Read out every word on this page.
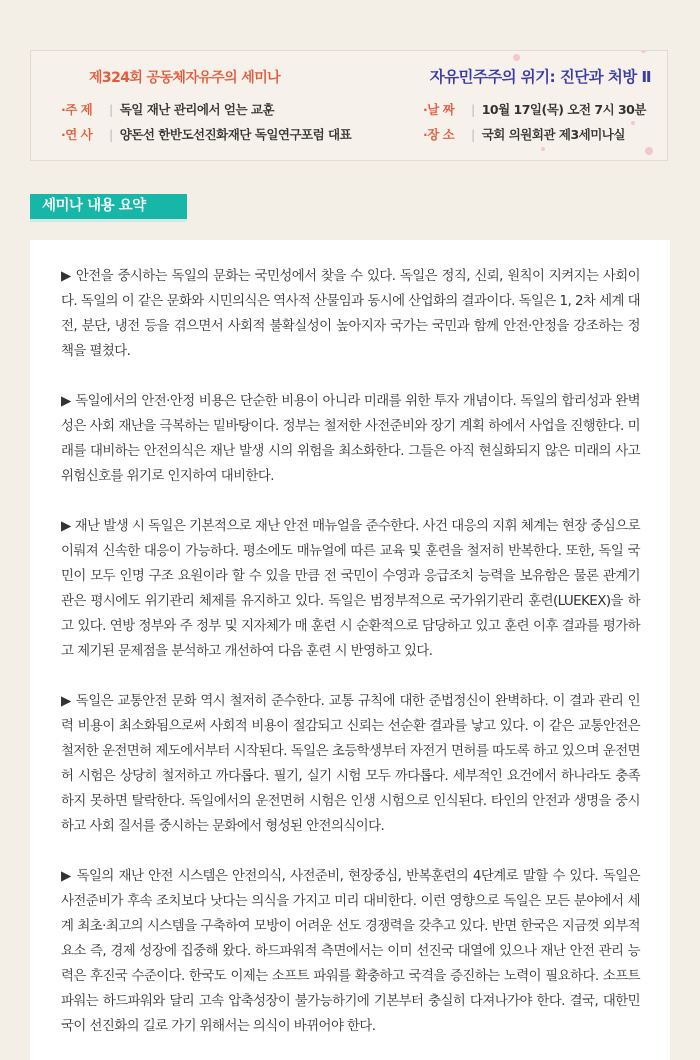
제324회 공동체자유주의 세미나	자유민주주의 위기: 진단과 처방 Ⅱ
·주 제 | 독일 재난 관리에서 얻는 교훈
·연 사 | 양돈선 한반도선진화재단 독일연구포럼 대표
·날 짜 | 10월 17일(목) 오전 7시 30분
·장 소 | 국회 의원회관 제3세미나실
세미나 내용 요약

▶ 안전을 중시하는 독일의 문화는 국민성에서 찾을 수 있다. 독일은 정직, 신뢰, 원칙이 지켜지는 사회이다. 독일의 이 같은 문화와 시민의식은 역사적 산물임과 동시에 산업화의 결과이다. 독일은 1, 2차 세계 대전, 분단, 냉전 등을 겪으면서 사회적 불확실성이 높아지자 국가는 국민과 함께 안전·안정을 강조하는 정책을 펼쳤다.

▶ 독일에서의 안전·안정 비용은 단순한 비용이 아니라 미래를 위한 투자 개념이다. 독일의 합리성과 완벽성은 사회 재난을 극복하는 밑바탕이다. 정부는 철저한 사전준비와 장기 계획 하에서 사업을 진행한다. 미래를 대비하는 안전의식은 재난 발생 시의 위험을 최소화한다. 그들은 아직 현실화되지 않은 미래의 사고 위험신호를 위기로 인지하여 대비한다.

▶ 재난 발생 시 독일은 기본적으로 재난 안전 매뉴얼을 준수한다. 사건 대응의 지휘 체계는 현장 중심으로 이뤄져 신속한 대응이 가능하다. 평소에도 매뉴얼에 따른 교육 및 훈련을 철저히 반복한다. 또한, 독일 국민이 모두 인명 구조 요원이라 할 수 있을 만큼 전 국민이 수영과 응급조치 능력을 보유함은 물론 관계기관은 평시에도 위기관리 체제를 유지하고 있다. 독일은 범정부적으로 국가위기관리 훈련(LUEKEX)을 하고 있다. 연방 정부와 주 정부 및 지자체가 매 훈련 시 순환적으로 담당하고 있고 훈련 이후 결과를 평가하고 제기된 문제점을 분석하고 개선하여 다음 훈련 시 반영하고 있다.

▶ 독일은 교통안전 문화 역시 철저히 준수한다. 교통 규칙에 대한 준법정신이 완벽하다. 이 결과 관리 인력 비용이 최소화됨으로써 사회적 비용이 절감되고 신뢰는 선순환 결과를 낳고 있다. 이 같은 교통안전은 철저한 운전면허 제도에서부터 시작된다. 독일은 초등학생부터 자전거 면허를 따도록 하고 있으며 운전면허 시험은 상당히 철저하고 까다롭다. 필기, 실기 시험 모두 까다롭다. 세부적인 요건에서 하나라도 충족하지 못하면 탈락한다. 독일에서의 운전면허 시험은 인생 시험으로 인식된다. 타인의 안전과 생명을 중시하고 사회 질서를 중시하는 문화에서 형성된 안전의식이다.

▶ 독일의 재난 안전 시스템은 안전의식, 사전준비, 현장중심, 반복훈련의 4단계로 말할 수 있다. 독일은 사전준비가 후속 조치보다 낫다는 의식을 가지고 미리 대비한다. 이런 영향으로 독일은 모든 분야에서 세계 최초·최고의 시스템을 구축하여 모방이 어려운 선도 경쟁력을 갖추고 있다. 반면 한국은 지금껏 외부적 요소 즉, 경제 성장에 집중해 왔다. 하드파워적 측면에서는 이미 선진국 대열에 있으나 재난 안전 관리 능력은 후진국 수준이다. 한국도 이제는 소프트 파워를 확충하고 국격을 증진하는 노력이 필요하다. 소프트 파워는 하드파워와 달리 고속 압축성장이 불가능하기에 기본부터 충실히 다져나가야 한다. 결국, 대한민국이 선진화의 길로 가기 위해서는 의식이 바뀌어야 한다.
